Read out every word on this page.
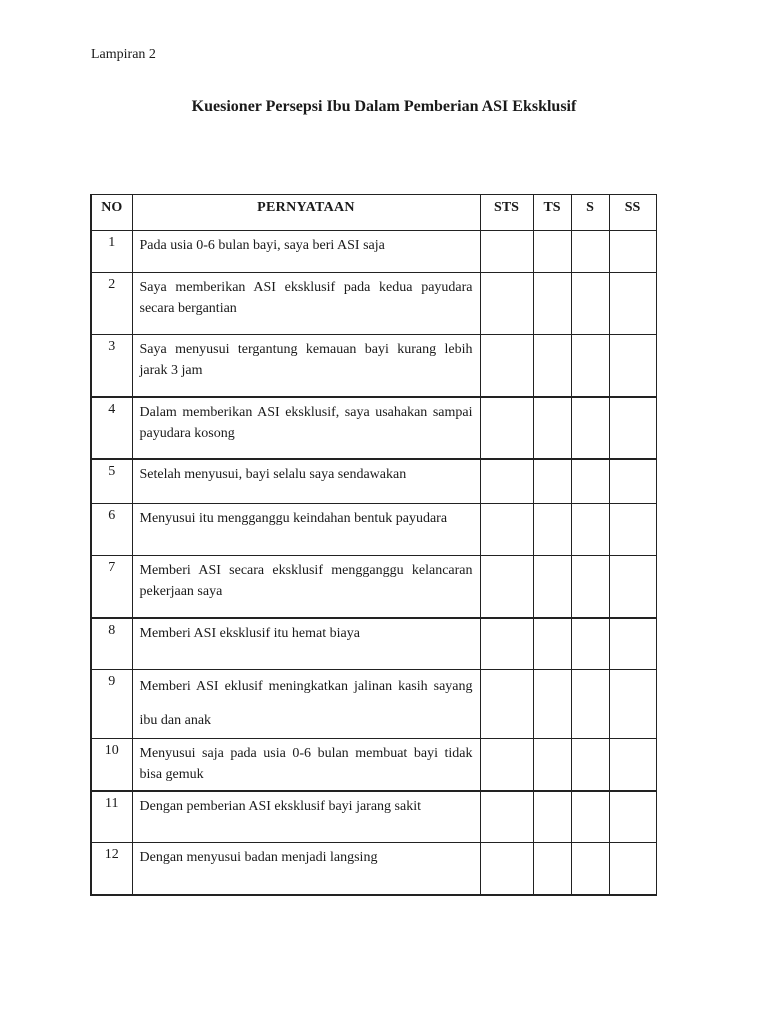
Lampiran 2
Kuesioner Persepsi Ibu Dalam Pemberian ASI Eksklusif
NO	PERNYATAAN	STS	TS	S	SS
1	Pada usia 0-6 bulan bayi, saya beri ASI saja				
2	Saya memberikan ASI eksklusif pada kedua payudara secara bergantian				
3	Saya menyusui tergantung kemauan bayi kurang lebih jarak 3 jam				
4	Dalam memberikan ASI eksklusif, saya usahakan sampai payudara kosong				
5	Setelah menyusui, bayi selalu saya sendawakan				
6	Menyusui itu mengganggu keindahan bentuk payudara				
7	Memberi ASI secara eksklusif mengganggu kelancaran pekerjaan saya				
8	Memberi ASI eksklusif itu hemat biaya				
9	Memberi ASI eklusif meningkatkan jalinan kasih sayang ibu dan anak				
10	Menyusui saja pada usia 0-6 bulan membuat bayi tidak bisa gemuk				
11	Dengan pemberian ASI eksklusif bayi jarang sakit				
12	Dengan menyusui badan menjadi langsing				
